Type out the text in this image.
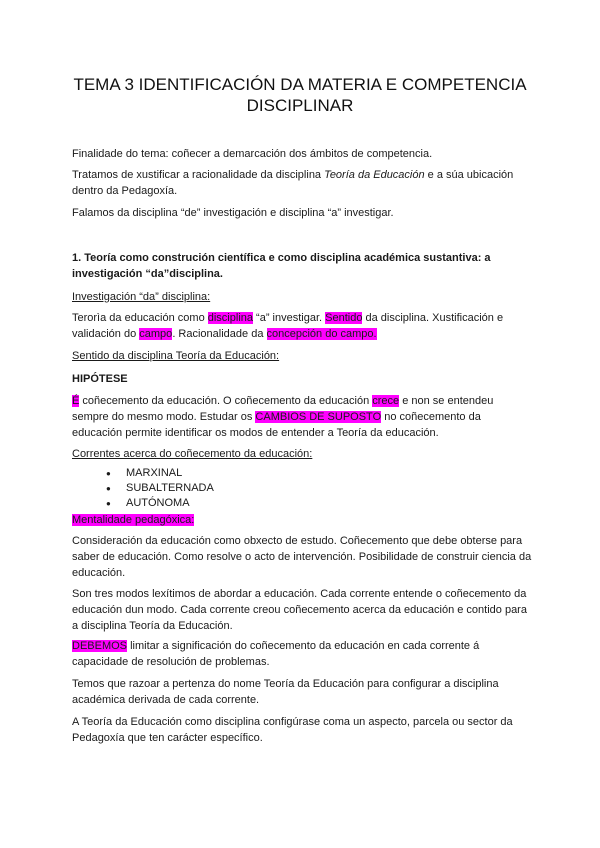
TEMA 3 IDENTIFICACIÓN DA MATERIA E COMPETENCIA
DISCIPLINAR

Finalidade do tema: coñecer a demarcación dos ámbitos de competencia.

Tratamos de xustificar a racionalidade da disciplina Teoría da Educación e a súa ubicación dentro da Pedagoxía.

Falamos da disciplina “de” investigación e disciplina “a” investigar.

1. Teoría como construción científica e como disciplina académica sustantiva: a
investigación “da”disciplina.

Investigación “da” disciplina:

Terorìa da educación como disciplina “a” investigar. Sentido da disciplina. Xustificación e validación do campo. Racionalidade da concepción do campo.

Sentido da disciplina Teoría da Educación:

HIPÓTESE

É coñecemento da educación. O coñecemento da educación crece e non se entendeu sempre do mesmo modo. Estudar os CAMBIOS DE SUPOSTO no coñecemento da educación permite identificar os modos de entender a Teoría da educación.

Correntes acerca do coñecemento da educación:

● MARXINAL
● SUBALTERNADA
● AUTÓNOMA

Mentalidade pedagóxica:

Consideración da educación como obxecto de estudo. Coñecemento que debe obterse para saber de educación. Como resolve o acto de intervención. Posibilidade de construir ciencia da educación.

Son tres modos lexítimos de abordar a educación. Cada corrente entende o coñecemento da educación dun modo. Cada corrente creou coñecemento acerca da educación e contido para a disciplina Teoría da Educación.

DEBEMOS limitar a significación do coñecemento da educación en cada corrente á capacidade de resolución de problemas.

Temos que razoar a pertenza do nome Teoría da Educación para configurar a disciplina académica derivada de cada corrente.

A Teoría da Educación como disciplina configúrase coma un aspecto, parcela ou sector da Pedagoxía que ten carácter específico.
